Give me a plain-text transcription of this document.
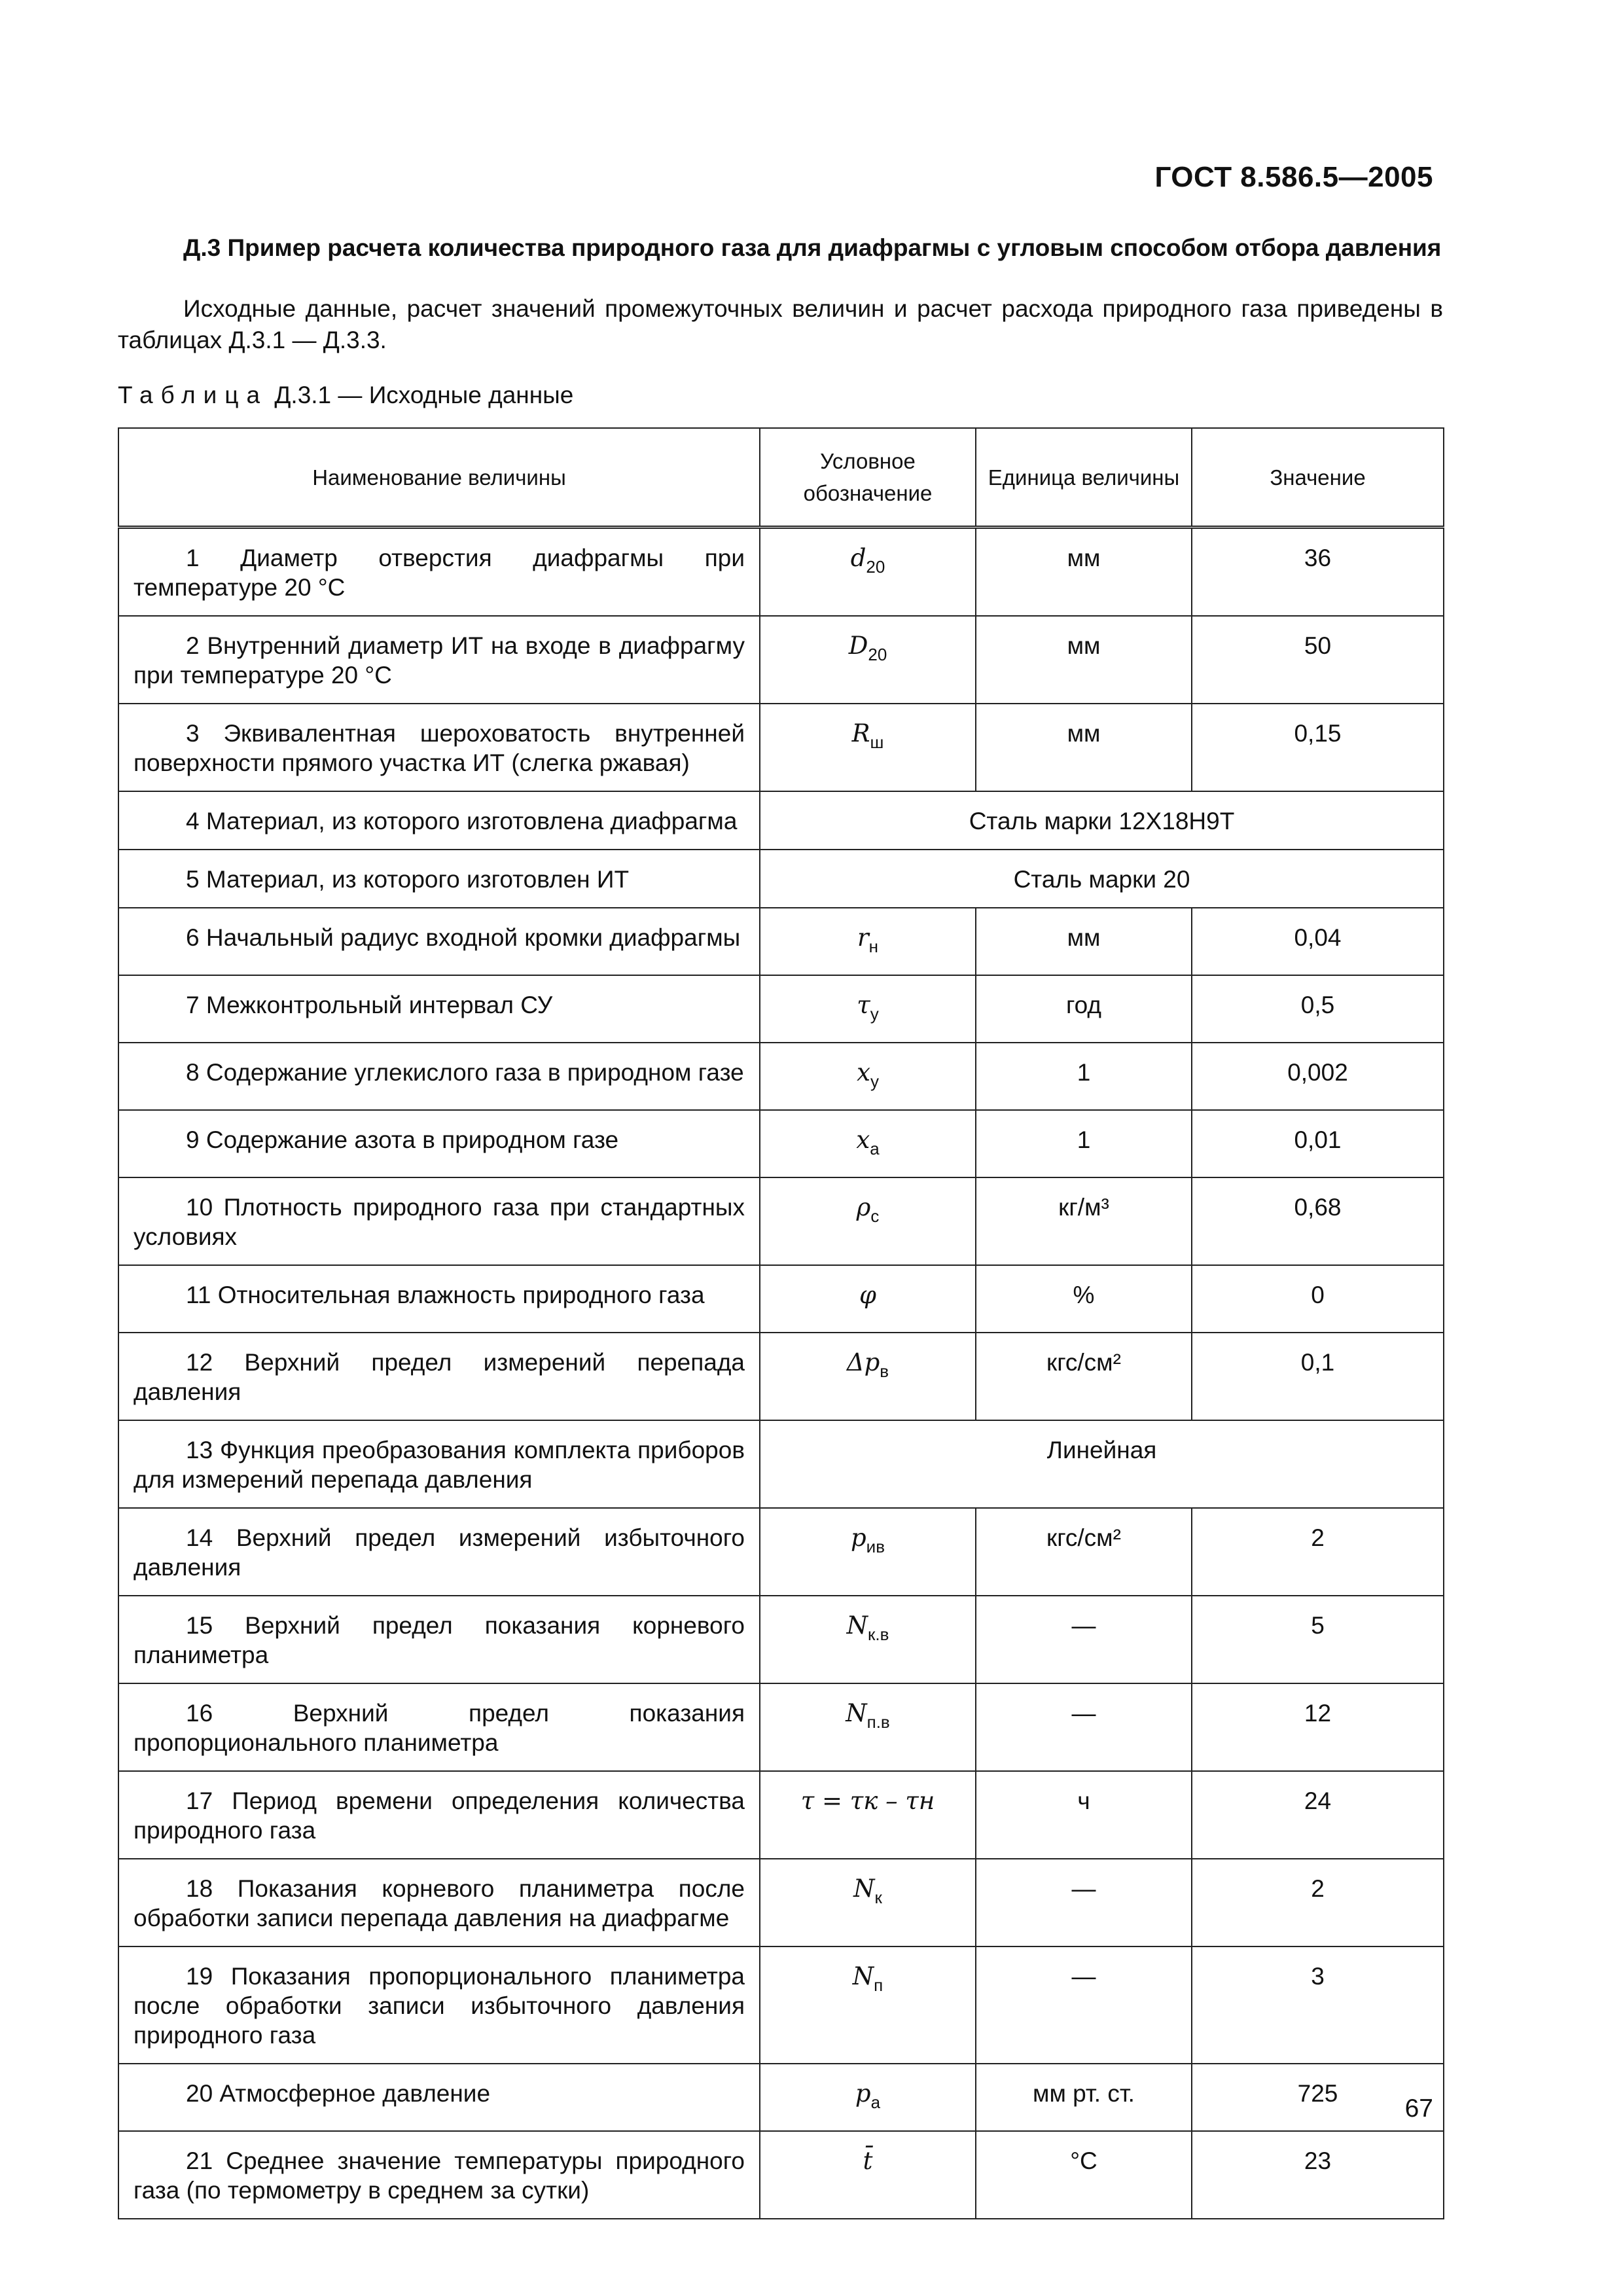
ГОСТ 8.586.5—2005
Д.3 Пример расчета количества природного газа для диафрагмы с угловым способом отбора давления
Исходные данные, расчет значений промежуточных величин и расчет расхода природного газа приведены в таблицах Д.3.1 — Д.3.3.
Таблица Д.3.1 — Исходные данные
Наименование величины	Условное обозначение	Единица величины	Значение
1 Диаметр отверстия диафрагмы при температуре 20 °С	$d_{20}$	мм	36
2 Внутренний диаметр ИТ на входе в диафрагму при температуре 20 °С	$D_{20}$	мм	50
3 Эквивалентная шероховатость внутренней поверхности прямого участка ИТ (слегка ржавая)	$R_ш$	мм	0,15
4 Материал, из которого изготовлена диафрагма	Сталь марки 12Х18Н9Т		
5 Материал, из которого изготовлен ИТ	Сталь марки 20		
6 Начальный радиус входной кромки диафрагмы	$r_н$	мм	0,04
7 Межконтрольный интервал СУ	$\tau_у$	год	0,5
8 Содержание углекислого газа в природном газе	$x_у$	1	0,002
9 Содержание азота в природном газе	$x_а$	1	0,01
10 Плотность природного газа при стандартных условиях	$\rho_с$	кг/м³	0,68
11 Относительная влажность природного газа	φ	%	0
12 Верхний предел измерений перепада давления	$\Delta p_в$	кгс/см²	0,1
13 Функция преобразования комплекта приборов для измерений перепада давления	Линейная		
14 Верхний предел измерений избыточного давления	$p_{ив}$	кгс/см²	2
15 Верхний предел показания корневого планиметра	$N_{к.в}$	—	5
16 Верхний предел показания пропорционального планиметра	$N_{п.в}$	—	12
17 Период времени определения количества природного газа	τ = τк – τн	ч	24
18 Показания корневого планиметра после обработки записи перепада давления на диафрагме	$N_к$	—	2
19 Показания пропорционального планиметра после обработки записи избыточного давления природного газа	$N_п$	—	3
20 Атмосферное давление	$p_а$	мм рт. ст.	725
21 Среднее значение температуры природного газа (по термометру в среднем за сутки)	t̄	°С	23
67
